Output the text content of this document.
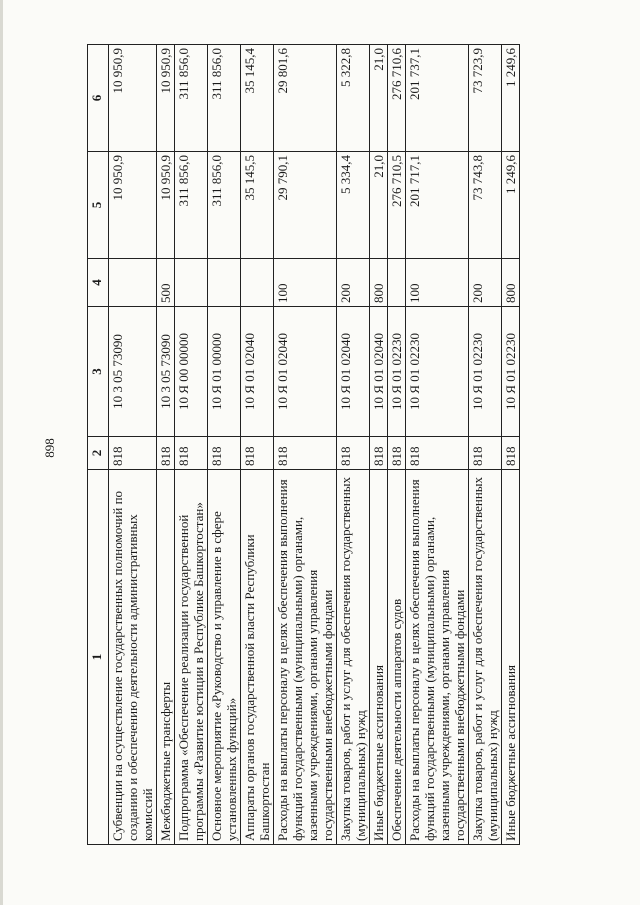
898
1	2	3	4	5	6
Субвенции на осуществление государственных полномочий по созданию и обеспечению деятельности административных комиссий	818	10 3 05 73090		10 950,9	10 950,9
Межбюджетные трансферты	818	10 3 05 73090	500	10 950,9	10 950,9
Подпрограмма «Обеспечение реализации государственной программы «Развитие юстиции в Республике Башкортостан»	818	10 Я 00 00000		311 856,0	311 856,0
Основное мероприятие «Руководство и управление в сфере установленных функций»	818	10 Я 01 00000		311 856,0	311 856,0
Аппараты органов государственной власти Республики Башкортостан	818	10 Я 01 02040		35 145,5	35 145,4
Расходы на выплаты персоналу в целях обеспечения выполнения функций государственными (муниципальными) органами, казенными учреждениями, органами управления государственными внебюджетными фондами	818	10 Я 01 02040	100	29 790,1	29 801,6
Закупка товаров, работ и услуг для обеспечения государственных (муниципальных) нужд	818	10 Я 01 02040	200	5 334,4	5 322,8
Иные бюджетные ассигнования	818	10 Я 01 02040	800	21,0	21,0
Обеспечение деятельности аппаратов судов	818	10 Я 01 02230		276 710,5	276 710,6
Расходы на выплаты персоналу в целях обеспечения выполнения функций государственными (муниципальными) органами, казенными учреждениями, органами управления государственными внебюджетными фондами	818	10 Я 01 02230	100	201 717,1	201 737,1
Закупка товаров, работ и услуг для обеспечения государственных (муниципальных) нужд	818	10 Я 01 02230	200	73 743,8	73 723,9
Иные бюджетные ассигнования	818	10 Я 01 02230	800	1 249,6	1 249,6
